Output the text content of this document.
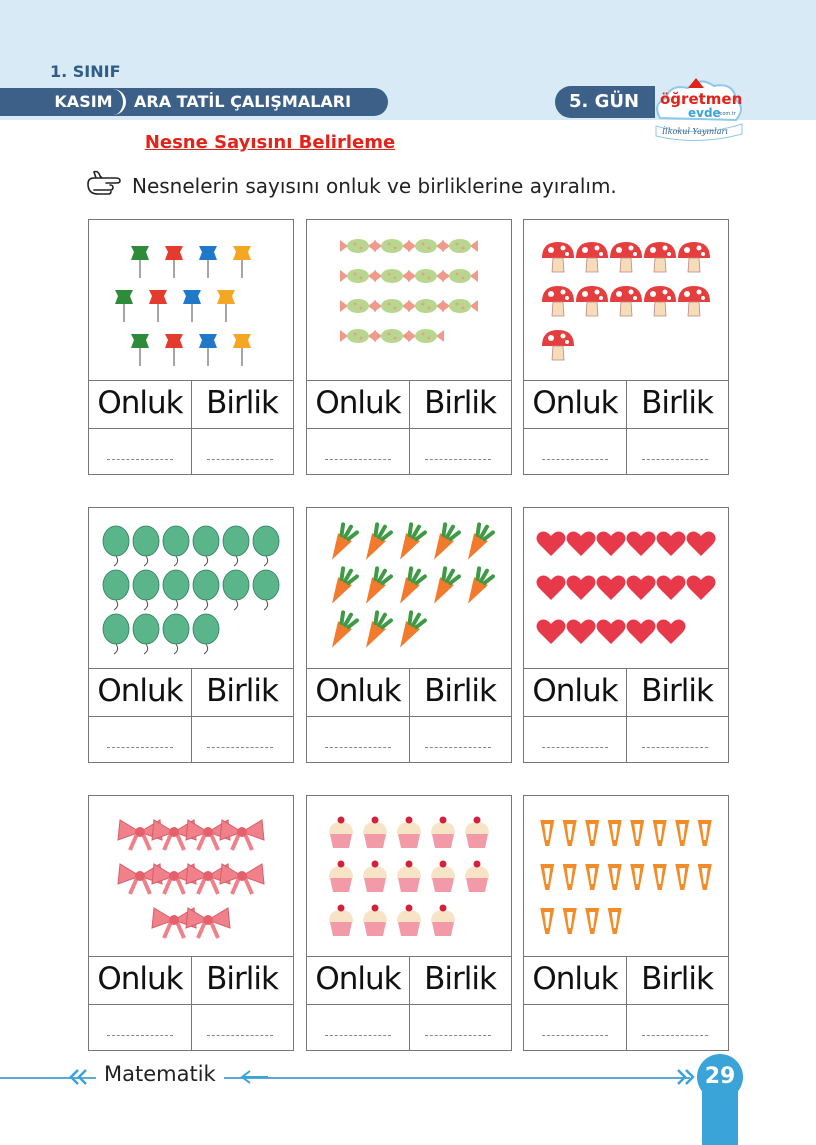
1. SINIF
KASIM	ARA TATİL ÇALIŞMALARI	5. GÜN	öğretmen
evde
.com.tr
İlkokul Yayınları
Nesne Sayısını Belirleme
Nesnelerin sayısını onluk ve birliklerine ayıralım.
Onluk Birlik	Onluk Birlik	Onluk Birlik
Onluk Birlik	Onluk Birlik	Onluk Birlik
Onluk Birlik	Onluk Birlik	Onluk Birlik
Matematik	29
